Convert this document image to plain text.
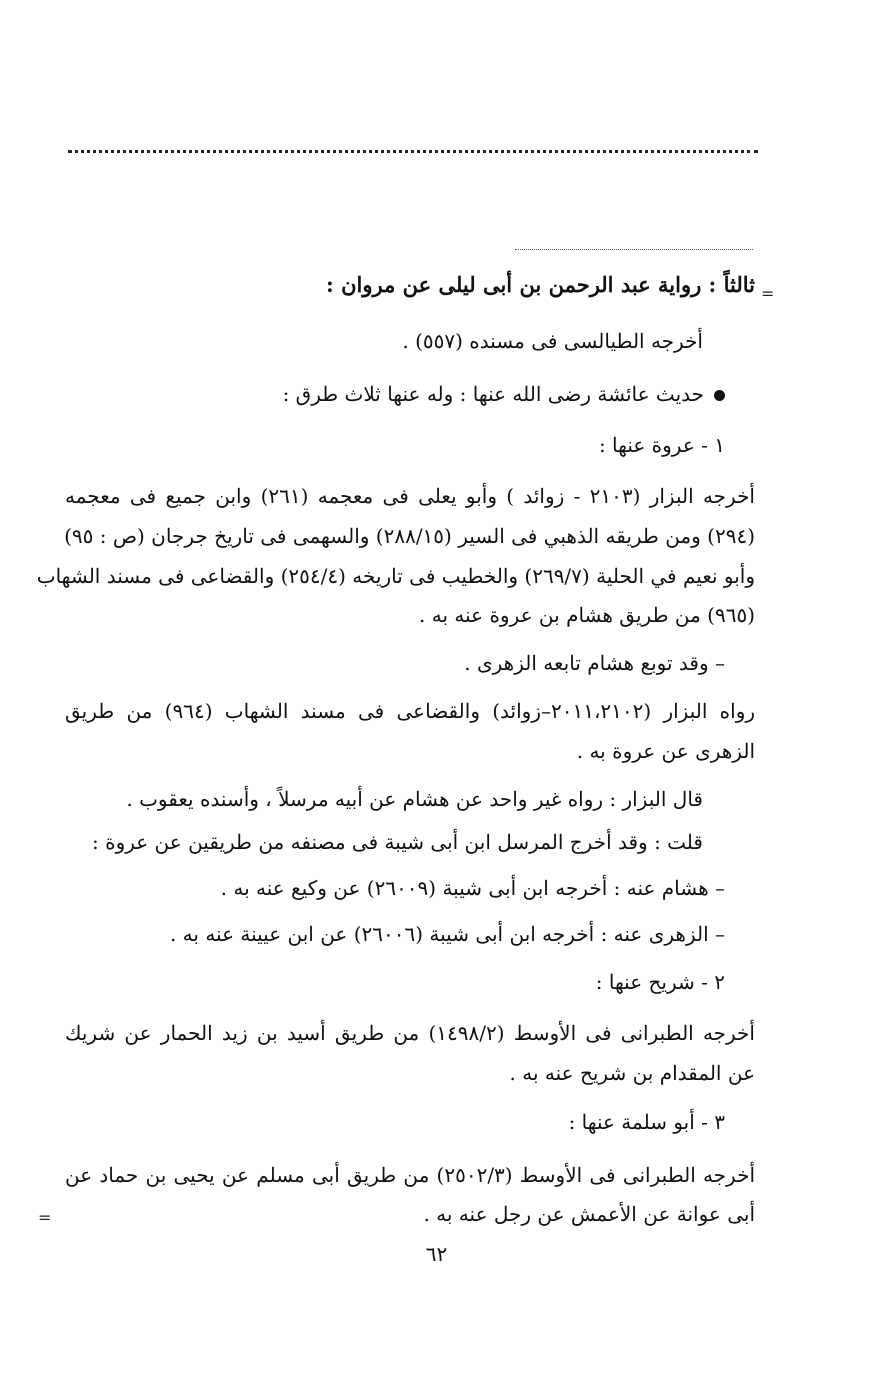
=
ثالثاً : رواية عبد الرحمن بن أبى ليلى عن مروان :
أخرجه الطيالسى فى مسنده (٥٥٧) .
حديث عائشة رضى الله عنها : وله عنها ثلاث طرق :
١ - عروة عنها :
أخرجه البزار (٢١٠٣ - زوائد ) وأبو يعلى فى معجمه (٢٦١) وابن جميع فى معجمه
(٢٩٤) ومن طريقه الذهبي فى السير (٢٨٨/١٥) والسهمى فى تاريخ جرجان (ص : ٩٥)
وأبو نعيم في الحلية (٢٦٩/٧) والخطيب فى تاريخه (٢٥٤/٤) والقضاعى فى مسند الشهاب
(٩٦٥) من طريق هشام بن عروة عنه به .
– وقد توبع هشام تابعه الزهرى .
رواه البزار (٢٠١١،٢١٠٢–زوائد) والقضاعى فى مسند الشهاب (٩٦٤) من طريق
الزهرى عن عروة به .
قال البزار : رواه غير واحد عن هشام عن أبيه مرسلاً ، وأسنده يعقوب .
قلت : وقد أخرج المرسل ابن أبى شيبة فى مصنفه من طريقين عن عروة :
– هشام عنه : أخرجه ابن أبى شيبة (٢٦٠٠٩) عن وكيع عنه به .
– الزهرى عنه : أخرجه ابن أبى شيبة (٢٦٠٠٦) عن ابن عيينة عنه به .
٢ - شريح عنها :
أخرجه الطبرانى فى الأوسط (١٤٩٨/٢) من طريق أسيد بن زيد الحمار عن شريك
عن المقدام بن شريح عنه به .
٣ - أبو سلمة عنها :
أخرجه الطبرانى فى الأوسط (٢٥٠٢/٣) من طريق أبى مسلم عن يحيى بن حماد عن
أبى عوانة عن الأعمش عن رجل عنه به .
=
٦٢
